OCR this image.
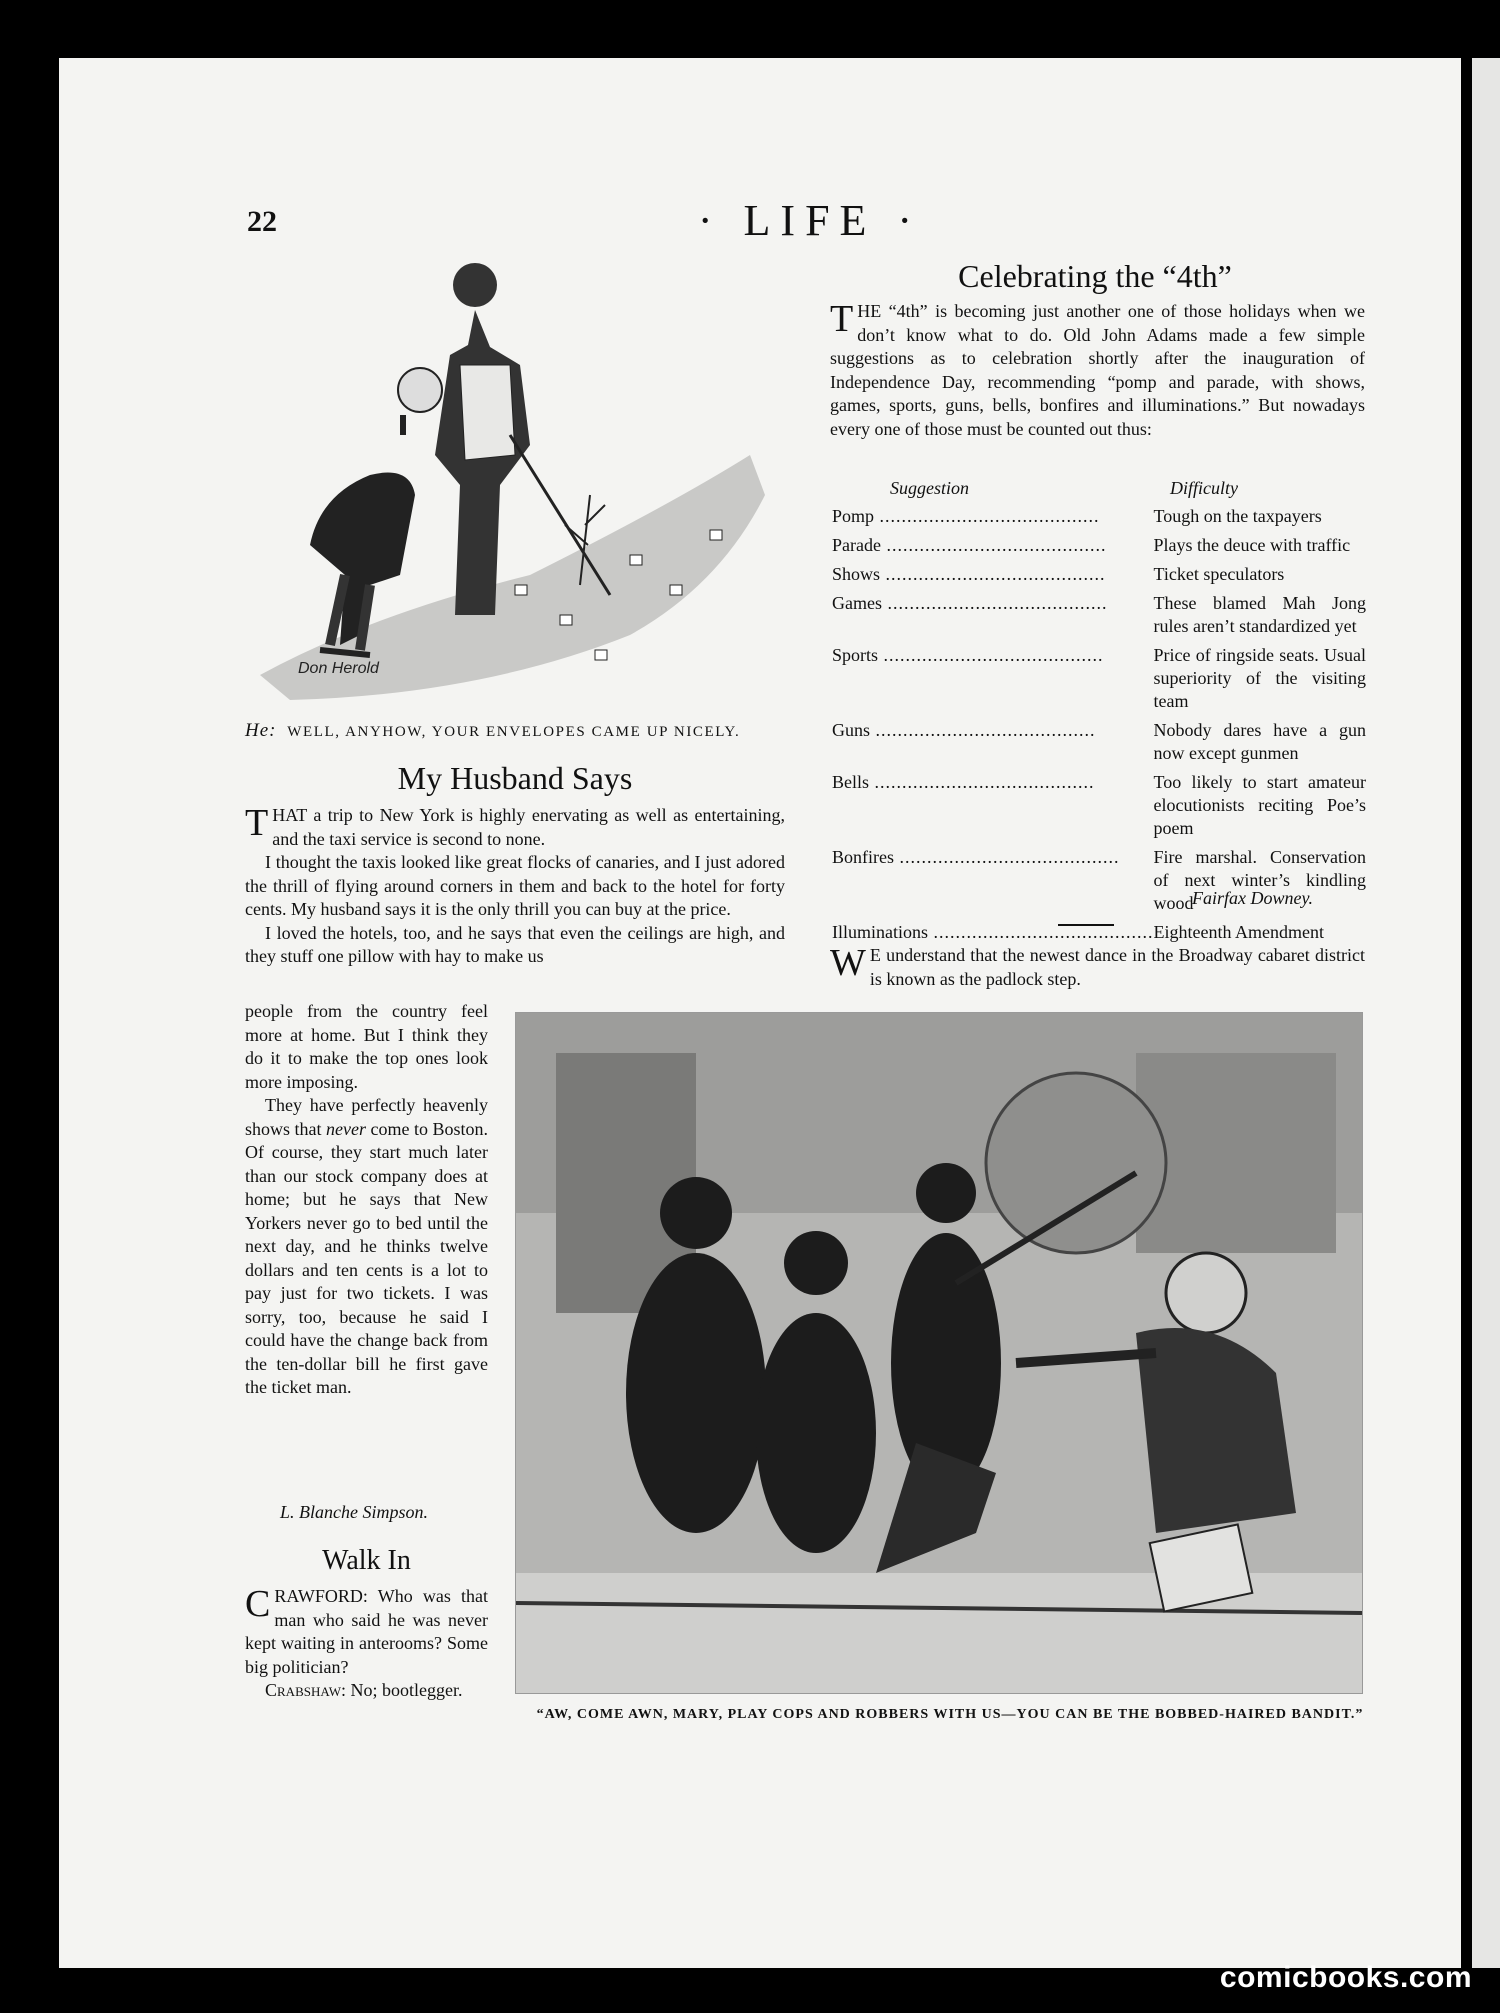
22	· LIFE ·
Don Herold
He: WELL, ANYHOW, YOUR ENVELOPES CAME UP NICELY.
My Husband Says

THAT a trip to New York is highly enervating as well as entertaining, and the taxi service is second to none.

I thought the taxis looked like great flocks of canaries, and I just adored the thrill of flying around corners in them and back to the hotel for forty cents. My husband says it is the only thrill you can buy at the price.

I loved the hotels, too, and he says that even the ceilings are high, and they stuff one pillow with hay to make us

people from the country feel more at home. But I think they do it to make the top ones look more imposing.

They have perfectly heavenly shows that never come to Boston. Of course, they start much later than our stock company does at home; but he says that New Yorkers never go to bed until the next day, and he thinks twelve dollars and ten cents is a lot to pay just for two tickets. I was sorry, too, because he said I could have the change back from the ten-dollar bill he first gave the ticket man.

L. Blanche Simpson.
Walk In

CRAWFORD: Who was that man who said he was never kept waiting in anterooms? Some big politician?

Crabshaw: No; bootlegger.

Celebrating the “4th”

THE “4th” is becoming just another one of those holidays when we don’t know what to do. Old John Adams made a few simple suggestions as to celebration shortly after the inauguration of Independence Day, recommending “pomp and parade, with shows, games, sports, guns, bells, bonfires and illuminations.” But nowadays every one of those must be counted out thus:

Suggestion	Difficulty
Pomp .....	Tough on the taxpayers
Parade .....	Plays the deuce with traffic
Shows .....	Ticket speculators
Games .....	These blamed Mah Jong rules aren’t standardized yet
Sports .....	Price of ringside seats. Usual superiority of the visiting team
Guns .....	Nobody dares have a gun now except gunmen
Bells .....	Too likely to start amateur elocutionists reciting Poe’s poem
Bonfires .....	Fire marshal. Conservation of next winter’s kindling wood
Illuminations .....	Eighteenth Amendment
Fairfax Downey.

W E understand that the newest dance in the Broadway cabaret district is known as the padlock step.

“AW, COME AWN, MARY, PLAY COPS AND ROBBERS WITH US—YOU CAN BE THE BOBBED-HAIRED BANDIT.”
comicbooks.com
